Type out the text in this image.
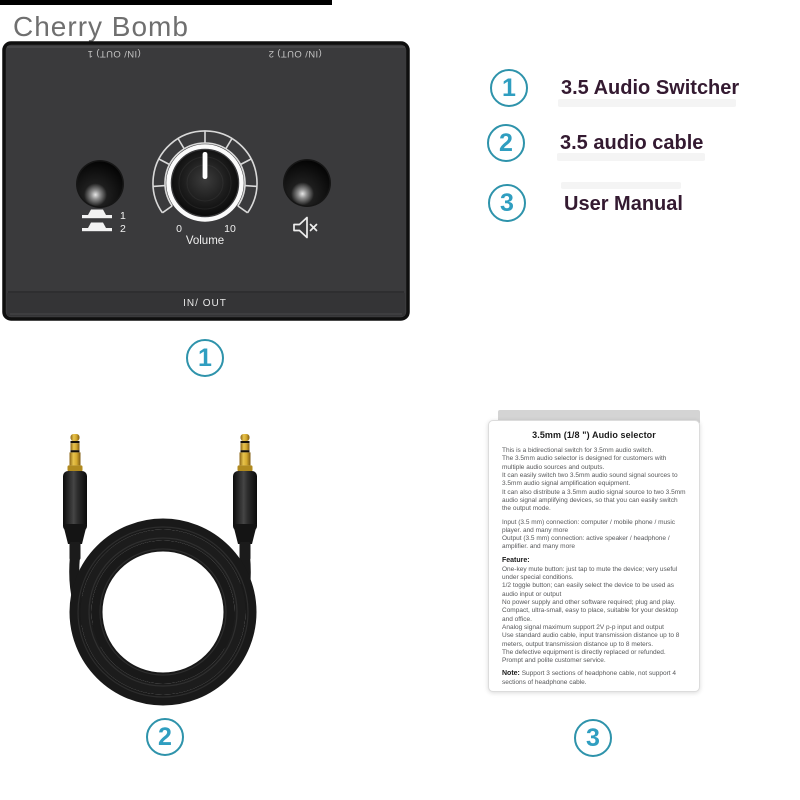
Cherry Bomb
(IN/ OUT) 1	(IN/ OUT) 2
1
2	0	10
Volume
IN/ OUT
1
1 3.5 Audio Switcher
2 3.5 audio cable
3	User Manual
2
3.5mm (1/8 ") Audio selector
This is a bidirectional switch for 3.5mm audio switch.
The 3.5mm audio selector is designed for customers with multiple audio sources and outputs.
It can easily switch two 3.5mm audio sound signal sources to 3.5mm audio signal amplification equipment.
It can also distribute a 3.5mm audio signal source to two 3.5mm audio signal amplifying devices, so that you can easily switch the output mode.
Input (3.5 mm) connection: computer / mobile phone / music player. and many more
Output (3.5 mm) connection: active speaker / headphone / amplifier. and many more
Feature:
One-key mute button: just tap to mute the device; very useful under special conditions.
1/2 toggle button; can easily select the device to be used as audio input or output
No power supply and other software required; plug and play.
Compact, ultra-small, easy to place, suitable for your desktop and office.
Analog signal maximum support 2V p-p input and output
Use standard audio cable, input transmission distance up to 8 meters, output transmission distance up to 8 meters.
The defective equipment is directly replaced or refunded. Prompt and polite customer service.
Note: Support 3 sections of headphone cable, not support 4 sections of headphone cable.
3
